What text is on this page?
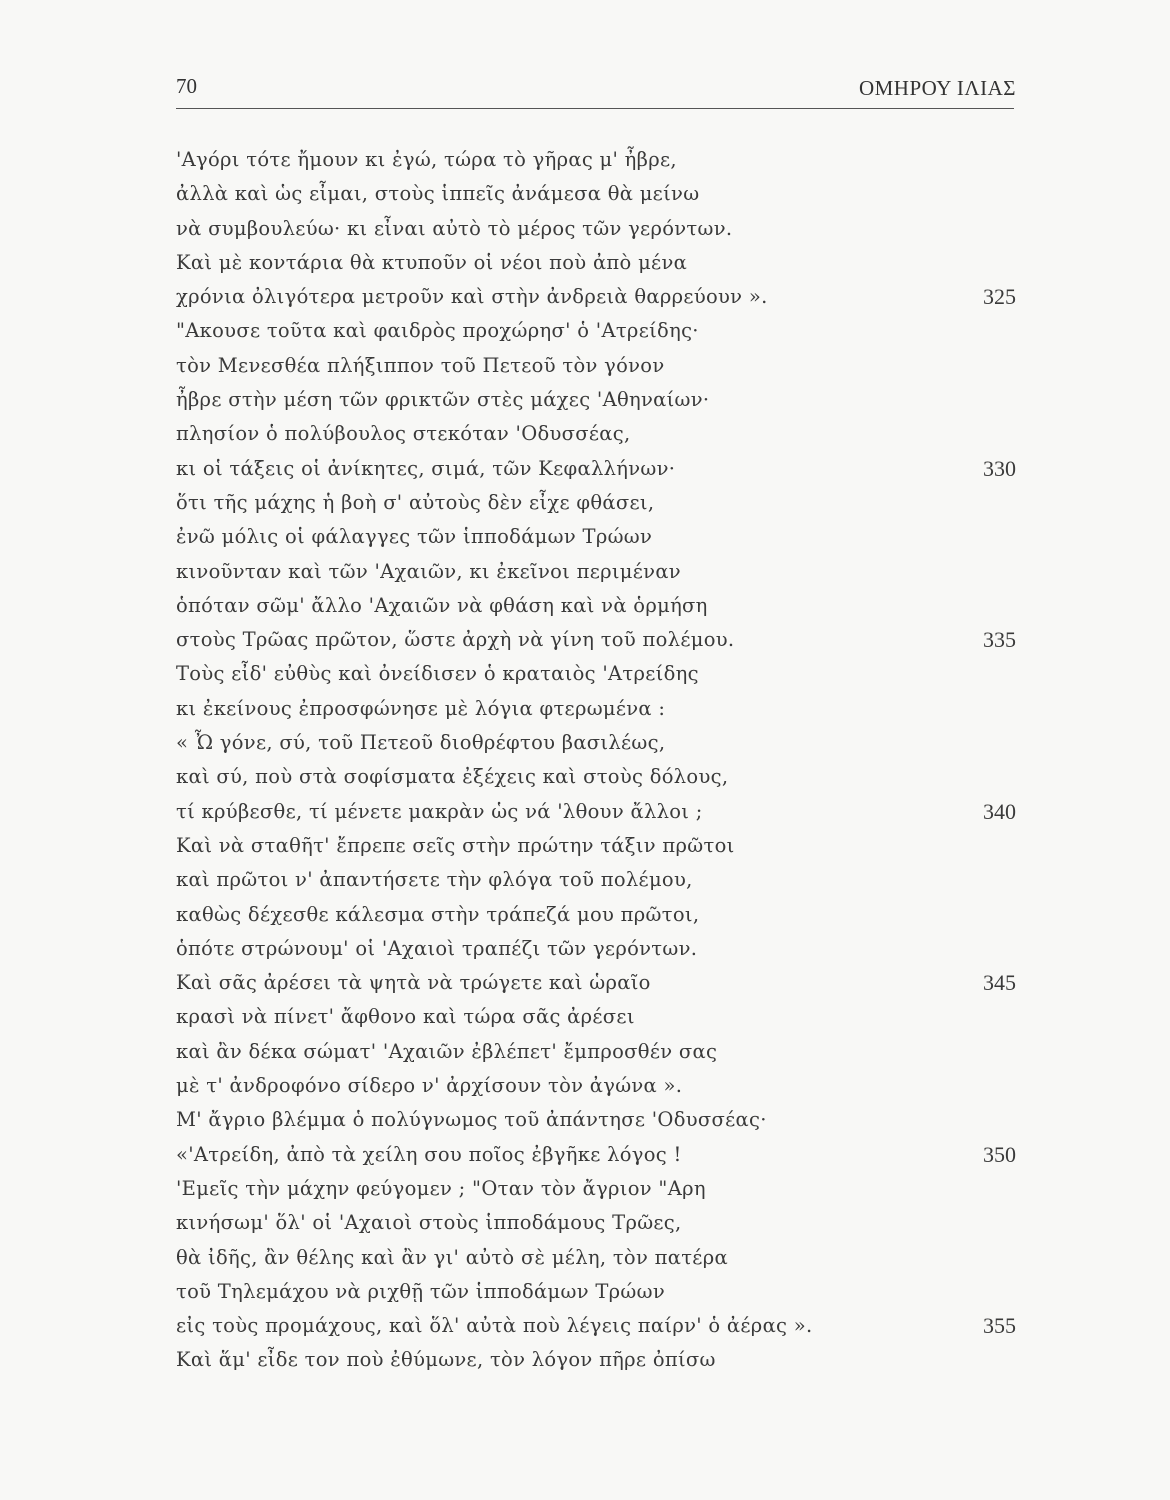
70	ΟΜΗΡΟΥ ΙΛΙΑΣ
'Αγόρι τότε ἤμουν κι ἐγώ, τώρα τὸ γῆρας μ' ἦβρε,
ἀλλὰ καὶ ὡς εἶμαι, στοὺς ἱππεῖς ἀνάμεσα θὰ μείνω
νὰ συμβουλεύω· κι εἶναι αὐτὸ τὸ μέρος τῶν γερόντων.
Καὶ μὲ κοντάρια θὰ κτυποῦν οἱ νέοι ποὺ ἀπὸ μένα
χρόνια ὀλιγότερα μετροῦν καὶ στὴν ἀνδρειὰ θαρρεύουν ».	325
"Ακουσε τοῦτα καὶ φαιδρὸς προχώρησ' ὁ 'Ατρείδης·
τὸν Μενεσθέα πλήξιππον τοῦ Πετεοῦ τὸν γόνον
ἦβρε στὴν μέση τῶν φρικτῶν στὲς μάχες 'Αθηναίων·
πλησίον ὁ πολύβουλος στεκόταν 'Οδυσσέας,
κι οἱ τάξεις οἱ ἀνίκητες, σιμά, τῶν Κεφαλλήνων·	330
ὅτι τῆς μάχης ἡ βοὴ σ' αὐτοὺς δὲν εἶχε φθάσει,
ἐνῶ μόλις οἱ φάλαγγες τῶν ἱπποδάμων Τρώων
κινοῦνταν καὶ τῶν 'Αχαιῶν, κι ἐκεῖνοι περιμέναν
ὁπόταν σῶμ' ἄλλο 'Αχαιῶν νὰ φθάση καὶ νὰ ὁρμήση
στοὺς Τρῶας πρῶτον, ὥστε ἀρχὴ νὰ γίνη τοῦ πολέμου.	335
Τοὺς εἶδ' εὐθὺς καὶ ὀνείδισεν ὁ κραταιὸς 'Ατρείδης
κι ἐκείνους ἐπροσφώνησε μὲ λόγια φτερωμένα :
« Ὦ γόνε, σύ, τοῦ Πετεοῦ διοθρέφτου βασιλέως,
καὶ σύ, ποὺ στὰ σοφίσματα ἐξέχεις καὶ στοὺς δόλους,
τί κρύβεσθε, τί μένετε μακρὰν ὡς νά 'λθουν ἄλλοι ;	340
Καὶ νὰ σταθῆτ' ἔπρεπε σεῖς στὴν πρώτην τάξιν πρῶτοι
καὶ πρῶτοι ν' ἀπαντήσετε τὴν φλόγα τοῦ πολέμου,
καθὼς δέχεσθε κάλεσμα στὴν τράπεζά μου πρῶτοι,
ὁπότε στρώνουμ' οἱ 'Αχαιοὶ τραπέζι τῶν γερόντων.
Καὶ σᾶς ἀρέσει τὰ ψητὰ νὰ τρώγετε καὶ ὡραῖο	345
κρασὶ νὰ πίνετ' ἄφθονο καὶ τώρα σᾶς ἀρέσει
καὶ ἂν δέκα σώματ' 'Αχαιῶν ἐβλέπετ' ἔμπροσθέν σας
μὲ τ' ἀνδροφόνο σίδερο ν' ἀρχίσουν τὸν ἀγώνα ».
Μ' ἄγριο βλέμμα ὁ πολύγνωμος τοῦ ἀπάντησε 'Οδυσσέας·
«'Ατρείδη, ἀπὸ τὰ χείλη σου ποῖος ἐβγῆκε λόγος !	350
'Εμεῖς τὴν μάχην φεύγομεν ; "Οταν τὸν ἄγριον "Αρη
κινήσωμ' ὅλ' οἱ 'Αχαιοὶ στοὺς ἱπποδάμους Τρῶες,
θὰ ἰδῆς, ἂν θέλης καὶ ἂν γι' αὐτὸ σὲ μέλη, τὸν πατέρα
τοῦ Τηλεμάχου νὰ ριχθῇ τῶν ἱπποδάμων Τρώων
εἰς τοὺς προμάχους, καὶ ὅλ' αὐτὰ ποὺ λέγεις παίρν' ὁ ἀέρας ».	355
Καὶ ἅμ' εἶδε τον ποὺ ἐθύμωνε, τὸν λόγον πῆρε ὀπίσω
